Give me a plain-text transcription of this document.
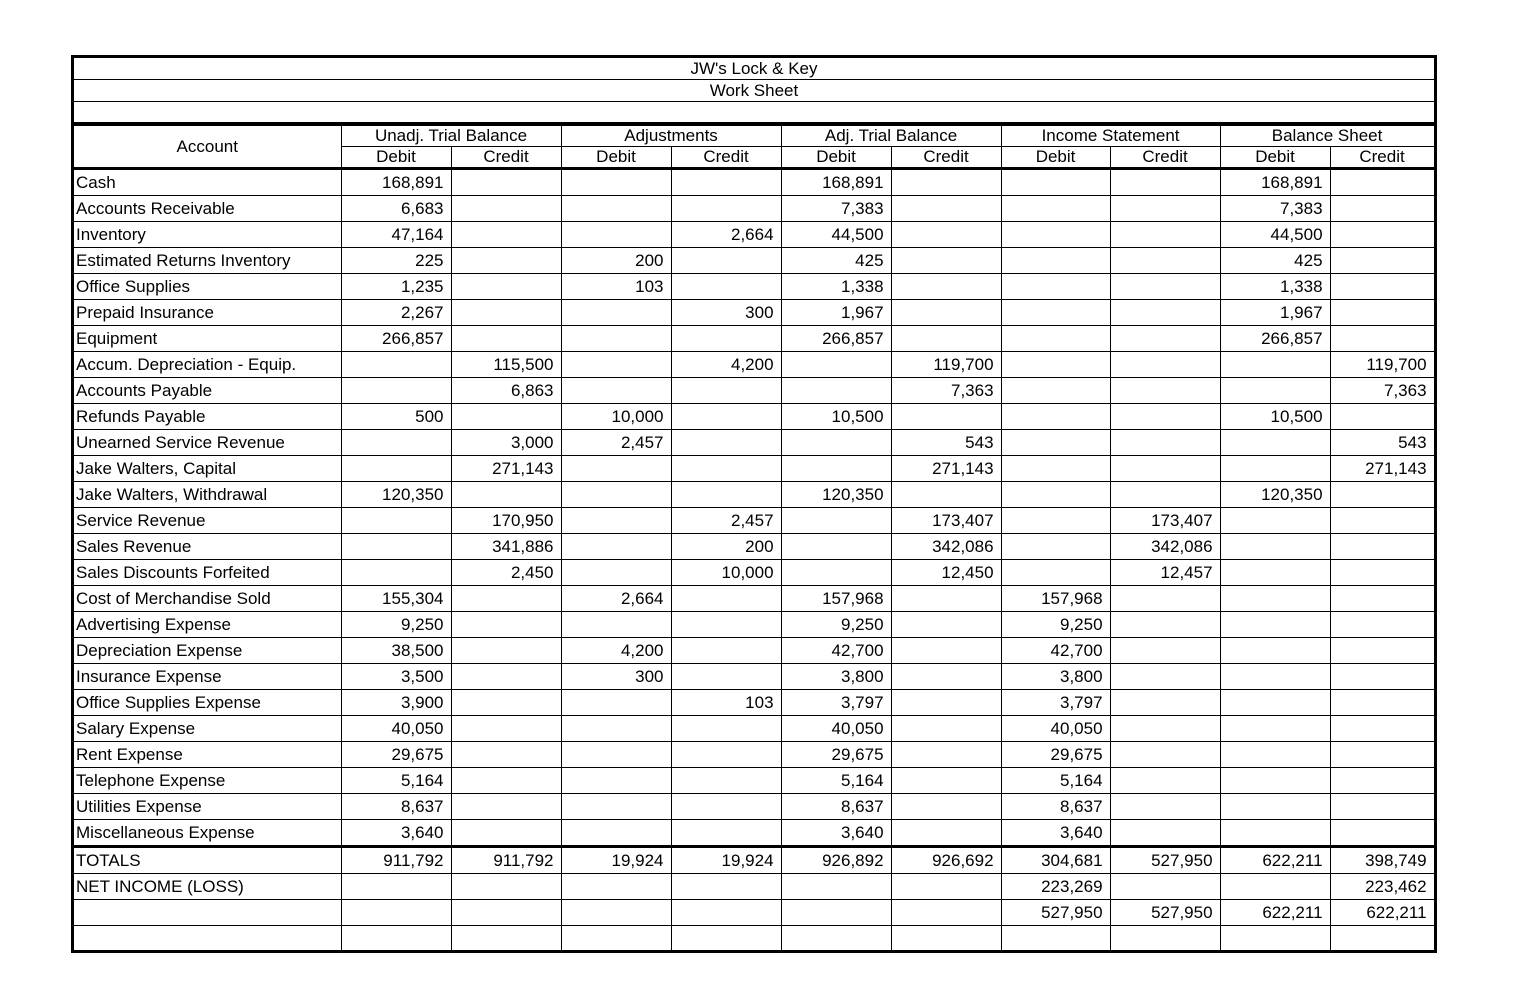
JW's Lock & Key
Work Sheet
Account	Unadj. Trial Balance		Adjustments		Adj. Trial Balance		Income Statement		Balance Sheet	
	Debit	Credit	Debit	Credit	Debit	Credit	Debit	Credit	Debit	Credit
Cash	168,891				168,891				168,891	
Accounts Receivable	6,683				7,383				7,383	
Inventory	47,164			2,664	44,500				44,500	
Estimated Returns Inventory	225		200		425				425	
Office Supplies	1,235		103		1,338				1,338	
Prepaid Insurance	2,267			300	1,967				1,967	
Equipment	266,857				266,857				266,857	
Accum. Depreciation - Equip.		115,500		4,200		119,700				119,700
Accounts Payable		6,863				7,363				7,363
Refunds Payable	500		10,000		10,500				10,500	
Unearned Service Revenue		3,000	2,457			543				543
Jake Walters, Capital		271,143				271,143				271,143
Jake Walters, Withdrawal	120,350				120,350				120,350	
Service Revenue		170,950		2,457		173,407		173,407		
Sales Revenue		341,886		200		342,086		342,086		
Sales Discounts Forfeited		2,450		10,000		12,450		12,457		
Cost of Merchandise Sold	155,304		2,664		157,968		157,968			
Advertising Expense	9,250				9,250		9,250			
Depreciation Expense	38,500		4,200		42,700		42,700			
Insurance Expense	3,500		300		3,800		3,800			
Office Supplies Expense	3,900			103	3,797		3,797			
Salary Expense	40,050				40,050		40,050			
Rent Expense	29,675				29,675		29,675			
Telephone Expense	5,164				5,164		5,164			
Utilities Expense	8,637				8,637		8,637			
Miscellaneous Expense	3,640				3,640		3,640			
TOTALS	911,792	911,792	19,924	19,924	926,892	926,692	304,681	527,950	622,211	398,749
NET INCOME (LOSS)							223,269			223,462
							527,950	527,950	622,211	622,211
